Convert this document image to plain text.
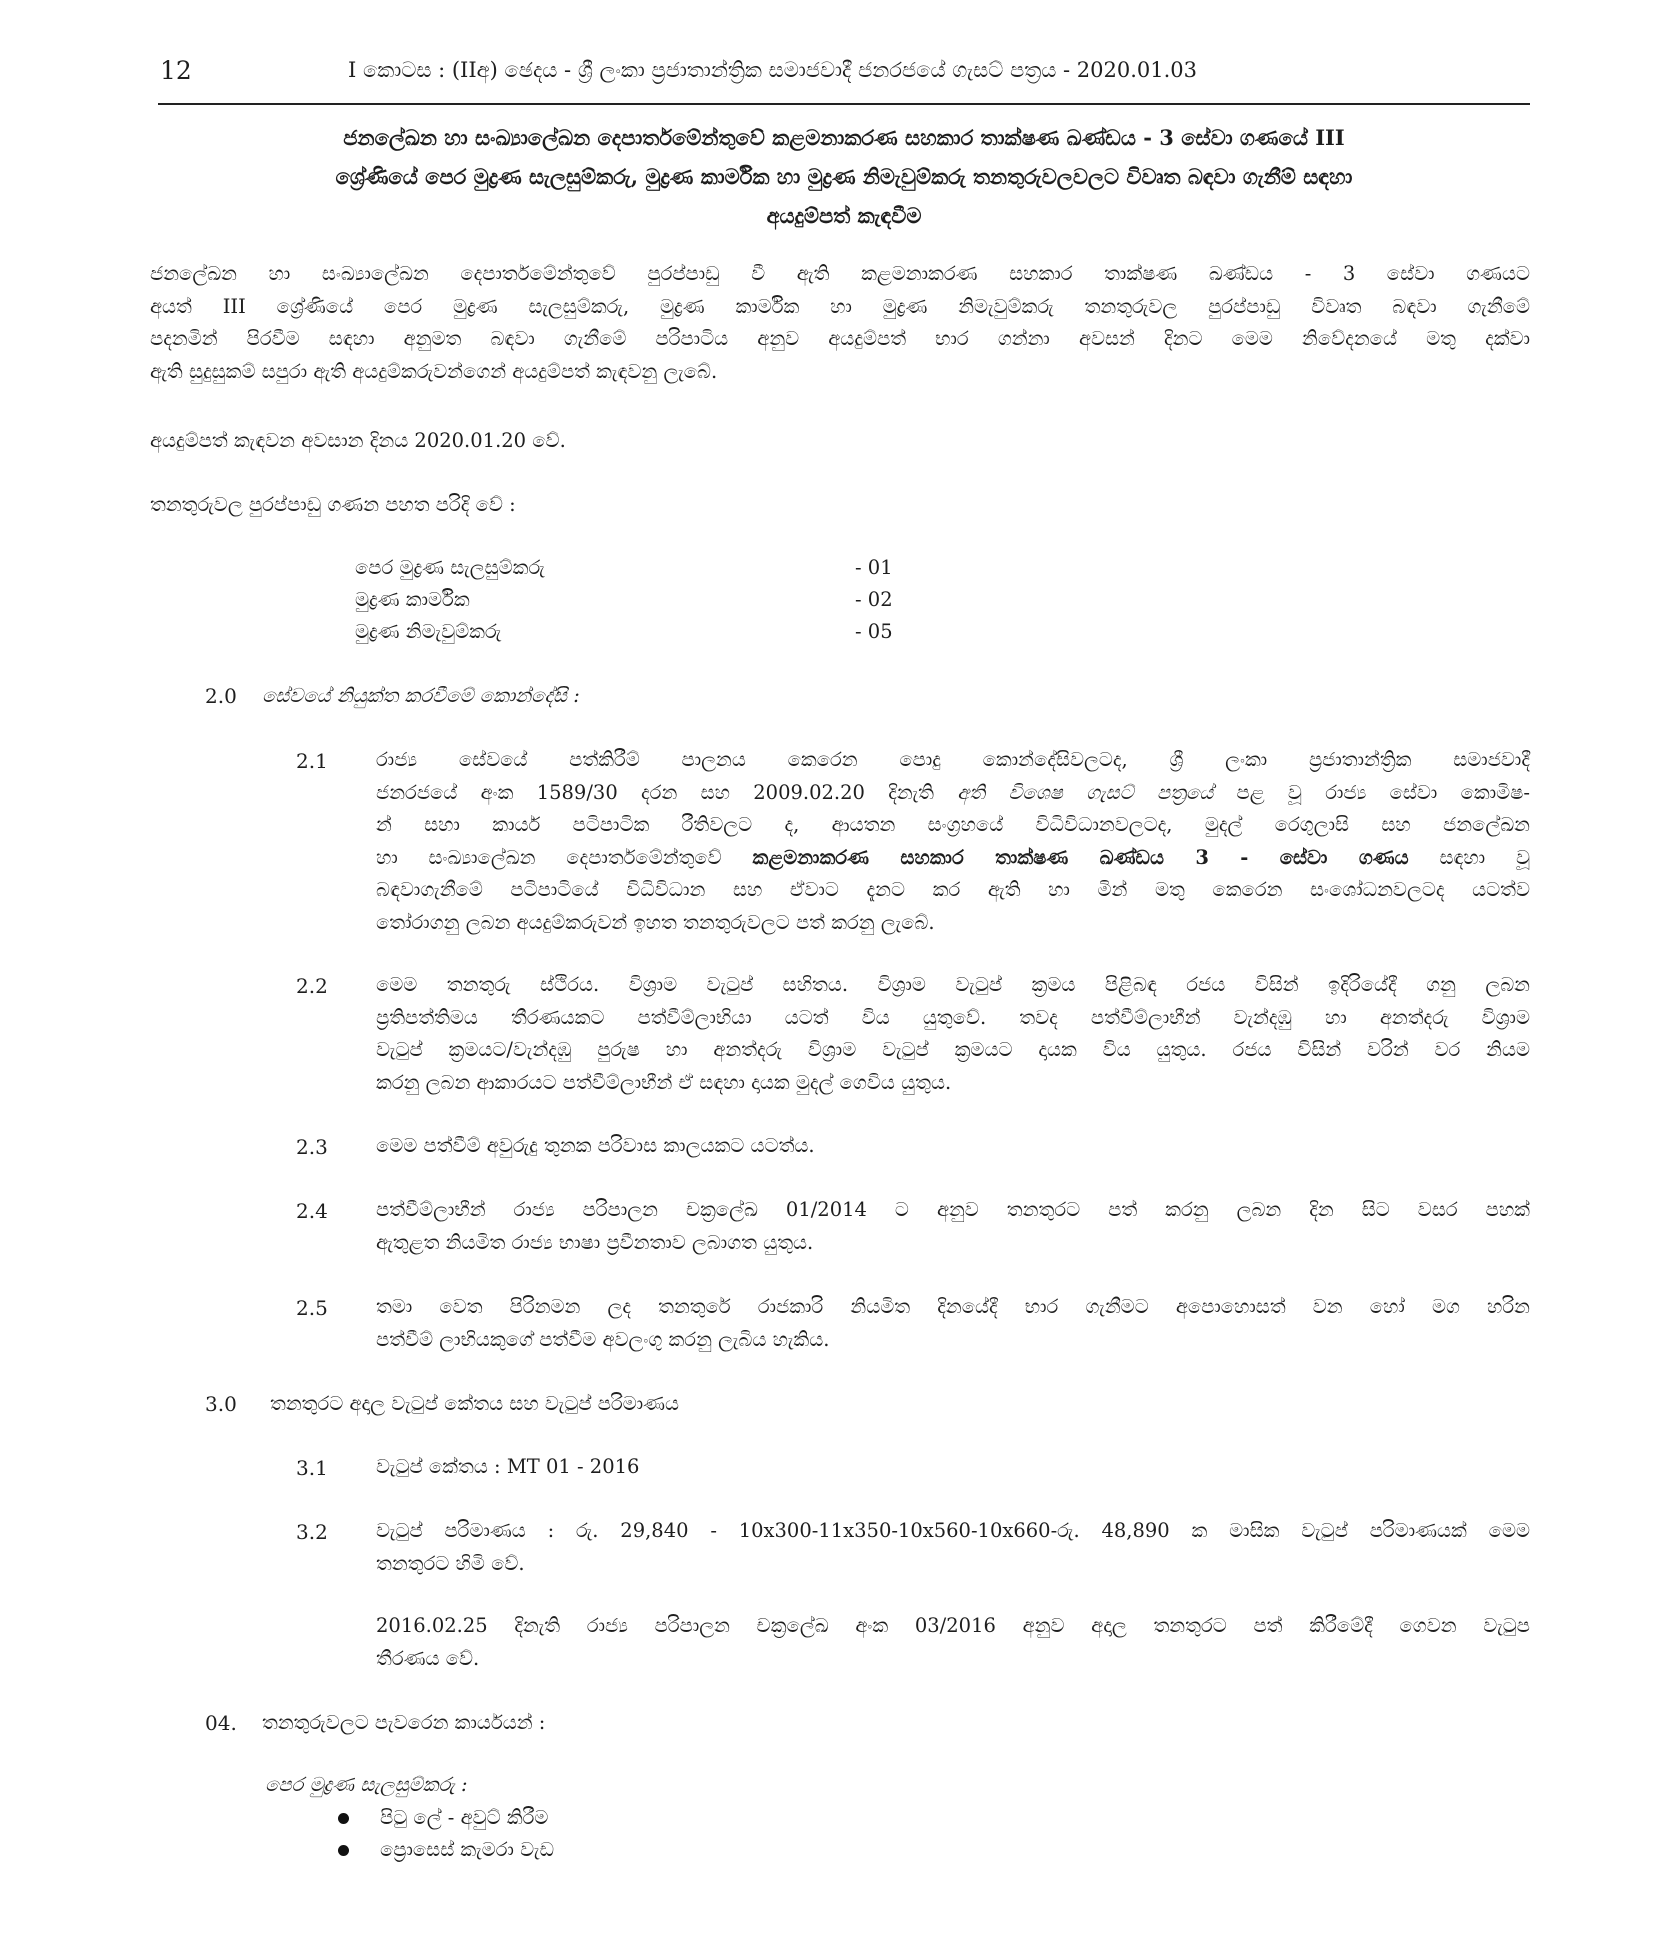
12	I කොටස : (IIඅ) ඡෙදය - ශ්‍රී ලංකා ප්‍රජාතාන්ත්‍රික සමාජවාදී ජනරජයේ ගැසට් පත්‍රය - 2020.01.03
ජනලේඛන හා සංඛ්‍යාලේඛන දෙපාර්තමේන්තුවේ කළමනාකරණ සහකාර තාක්ෂණ ඛණ්ඩය - 3 සේවා ගණයේ III
ශ්‍රේණියේ පෙර මුද්‍රණ සැලසුම්කරු, මුද්‍රණ කාර්මික හා මුද්‍රණ නිමැවුම්කරු තනතුරුවලවලට විවෘත බඳවා ගැනීම් සඳහා
අයදුම්පත් කැඳවීම
ජනලේඛන හා සංඛ්‍යාලේඛන දෙපාර්තමේන්තුවේ පුරප්පාඩු වී ඇති කළමනාකරණ සහකාර තාක්ෂණ ඛණ්ඩය - 3 සේවා ගණයට
අයත් III ශ්‍රේණියේ පෙර මුද්‍රණ සැලසුම්කරු, මුද්‍රණ කාර්මික හා මුද්‍රණ නිමැවුම්කරු තනතුරුවල පුරප්පාඩු විවෘත බඳවා ගැනීමේ
පදනමින් පිරවීම සඳහා අනුමත බඳවා ගැනීමේ පරිපාටිය අනුව අයදුම්පත් භාර ගන්නා අවසන් දිනට මෙම නිවේදනයේ මතු දක්වා
ඇති සුදුසුකම් සපුරා ඇති අයදුම්කරුවන්ගෙන් අයදුම්පත් කැඳවනු ලැබේ.
අයදුම්පත් කැඳවන අවසාන දිනය 2020.01.20 වේ.
තනතුරුවල පුරප්පාඩු ගණන පහත පරිදි වේ :
පෙර මුද්‍රණ සැලසුම්කරු	- 01
මුද්‍රණ කාර්මික	- 02
මුද්‍රණ නිමැවුම්කරු	- 05
2.0 සේවයේ නියුක්ත කරවීමේ කොන්දේසි :
2.1 රාජ්‍ය සේවයේ පත්කිරීම් පාලනය කෙරෙන පොදු කොන්දේසිවලටද, ශ්‍රී ලංකා ප්‍රජාතාන්ත්‍රික සමාජවාදී
ජනරජයේ අංක 1589/30 දරන සහ 2009.02.20 දිනැති අති විශෙෂ ගැසට් පත්‍රයේ පළ වූ රාජ්‍ය සේවා කොමිෂ-
න් සහා කාර්ය පටිපාටික රීතිවලට ද, ආයතන සංග්‍රහයේ විධිවිධානවලටද, මුදල් රෙගුලාසි සහ ජනලේඛන
හා සංඛ්‍යාලේඛන දෙපාර්තමේන්තුවේ කළමනාකරණ සහකාර තාක්ෂණ ඛණ්ඩය 3 - සේවා ගණය සඳහා වූ
බඳවාගැනීමේ පටිපාටියේ විධිවිධාන සහ ඒවාට දැනට කර ඇති හා මින් මතු කෙරෙන සංශෝධනවලටද යටත්ව
තෝරාගනු ලබන අයදුම්කරුවන් ඉහත තනතුරුවලට පත් කරනු ලැබේ.
2.2 මෙම තනතුරු ස්ථිරය. විශ්‍රාම වැටුප් සහිතය. විශ්‍රාම වැටුප් ක්‍රමය පිළිබඳ රජය විසින් ඉදිරියේදී ගනු ලබන
ප්‍රතිපත්තිමය තීරණයකට පත්වීම්ලාභියා යටත් විය යුතුවේ. තවද පත්වීම්ලාභීන් වැන්දඹු හා අනත්දරු විශ්‍රාම
වැටුප් ක්‍රමයට/වැන්දඹු පුරුෂ හා අනත්දරු විශ්‍රාම වැටුප් ක්‍රමයට දායක විය යුතුය. රජය විසින් වරින් වර නියම
කරනු ලබන ආකාරයට පත්වීම්ලාභීන් ඒ සඳහා දායක මුදල් ගෙවිය යුතුය.
2.3 මෙම පත්වීම් අවුරුදු තුනක පරිවාස කාලයකට යටත්ය.
2.4 පත්වීම්ලාභීන් රාජ්‍ය පරිපාලන චක්‍රලේඛ 01/2014 ට අනුව තනතුරට පත් කරනු ලබන දින සිට වසර පහක්
ඇතුළත නියමිත රාජ්‍ය භාෂා ප්‍රවීනතාව ලබාගත යුතුය.
2.5 තමා වෙත පිරිනමන ලද තනතුරේ රාජකාරි නියමිත දිනයේදී භාර ගැනීමට අපොහොසත් වන හෝ මග හරින
පත්වීම් ලාභියකුගේ පත්වීම අවලංගු කරනු ලැබිය හැකිය.
3.0 තනතුරට අදාල වැටුප් කේතය සහ වැටුප් පරිමාණය
3.1 වැටුප් කේතය : MT 01 - 2016
3.2 වැටුප් පරිමාණය : රු. 29,840 - 10x300-11x350-10x560-10x660-රු. 48,890 ක මාසික වැටුප් පරිමාණයක් මෙම
තනතුරට හිමි වේ.
2016.02.25 දිනැති රාජ්‍ය පරිපාලන චක්‍රලේඛ අංක 03/2016 අනුව අදාල තනතුරට පත් කිරීමේදී ගෙවන වැටුප
තීරණය වේ.
04. තනතුරුවලට පැවරෙන කාර්යයන් :
පෙර මුද්‍රණ සැලසුම්කරු :
පිටු ලේ - අවුට් කිරීම
ප්‍රොසෙස් කැමරා වැඩ
